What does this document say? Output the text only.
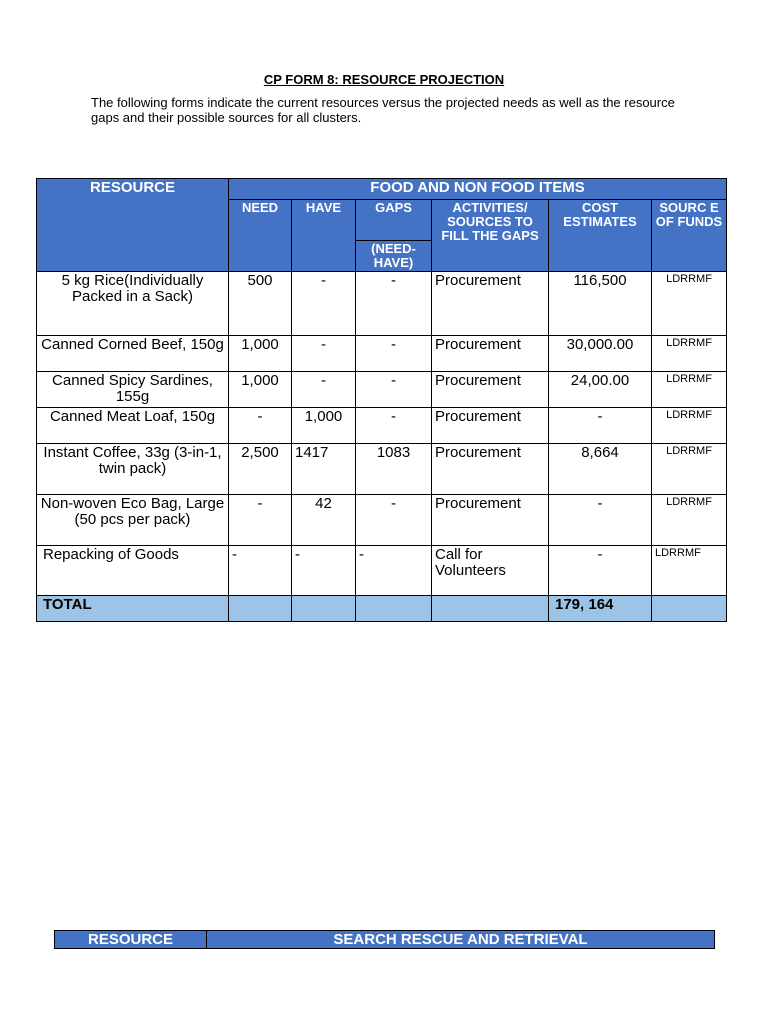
CP FORM 8: RESOURCE PROJECTION
The following forms indicate the current resources versus the projected needs as well as the resource gaps and their possible sources for all clusters.
RESOURCE	FOOD AND NON FOOD ITEMS					
	NEED	HAVE	GAPS	ACTIVITIES/ SOURCES TO FILL THE GAPS	COST ESTIMATES	SOURC E OF FUNDS
			(NEED-HAVE)			
5 kg Rice(Individually Packed in a Sack)	500	-	-	Procurement	116,500	LDRRMF
Canned Corned Beef, 150g	1,000	-	-	Procurement	30,000.00	LDRRMF
Canned Spicy Sardines, 155g	1,000	-	-	Procurement	24,00.00	LDRRMF
Canned Meat Loaf, 150g	-	1,000	-	Procurement	-	LDRRMF
Instant Coffee, 33g (3-in-1, twin pack)	2,500	1417	1083	Procurement	8,664	LDRRMF
Non-woven Eco Bag, Large (50 pcs per pack)	-	42	-	Procurement	-	LDRRMF
Repacking of Goods	-	-	-	Call for Volunteers	-	LDRRMF
TOTAL					179, 164	
RESOURCE	SEARCH RESCUE AND RETRIEVAL
